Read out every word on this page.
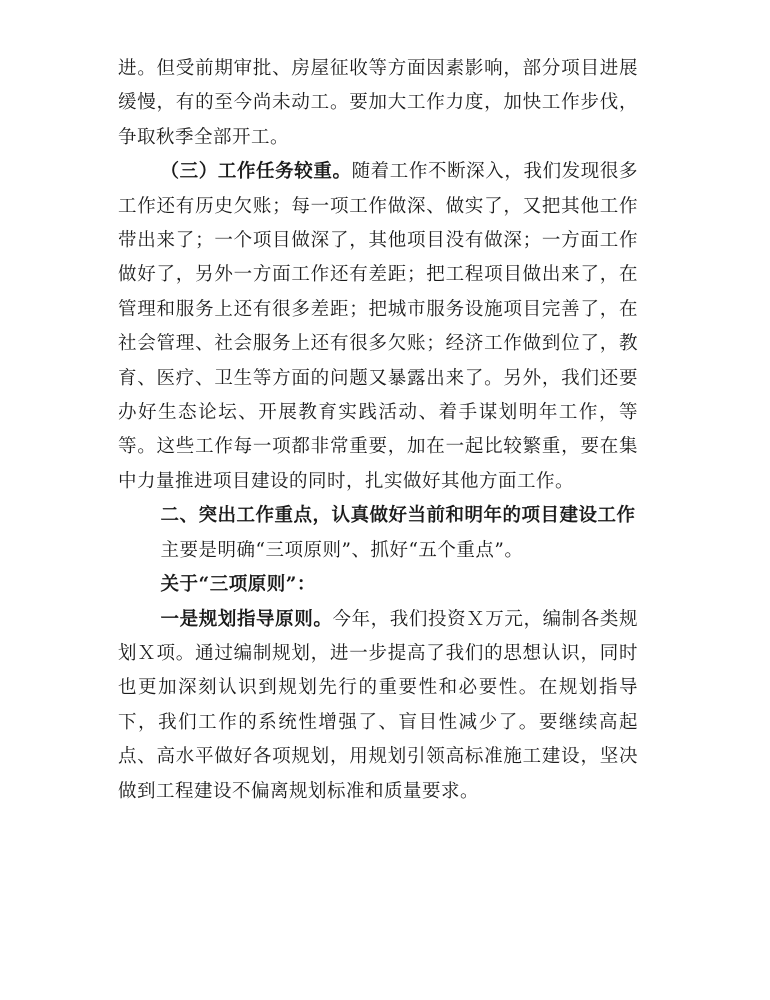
进。但受前期审批、房屋征收等方面因素影响，部分项目进展缓慢，有的至今尚未动工。要加大工作力度，加快工作步伐，争取秋季全部开工。

（三）工作任务较重。随着工作不断深入，我们发现很多工作还有历史欠账；每一项工作做深、做实了，又把其他工作带出来了；一个项目做深了，其他项目没有做深；一方面工作做好了，另外一方面工作还有差距；把工程项目做出来了，在管理和服务上还有很多差距；把城市服务设施项目完善了，在社会管理、社会服务上还有很多欠账；经济工作做到位了，教育、医疗、卫生等方面的问题又暴露出来了。另外，我们还要办好生态论坛、开展教育实践活动、着手谋划明年工作，等等。这些工作每一项都非常重要，加在一起比较繁重，要在集中力量推进项目建设的同时，扎实做好其他方面工作。

二、突出工作重点，认真做好当前和明年的项目建设工作

主要是明确“三项原则”、抓好“五个重点”。

关于“三项原则”：

一是规划指导原则。今年，我们投资Ｘ万元，编制各类规划Ｘ项。通过编制规划，进一步提高了我们的思想认识，同时也更加深刻认识到规划先行的重要性和必要性。在规划指导下，我们工作的系统性增强了、盲目性减少了。要继续高起点、高水平做好各项规划，用规划引领高标准施工建设，坚决做到工程建设不偏离规划标准和质量要求。
